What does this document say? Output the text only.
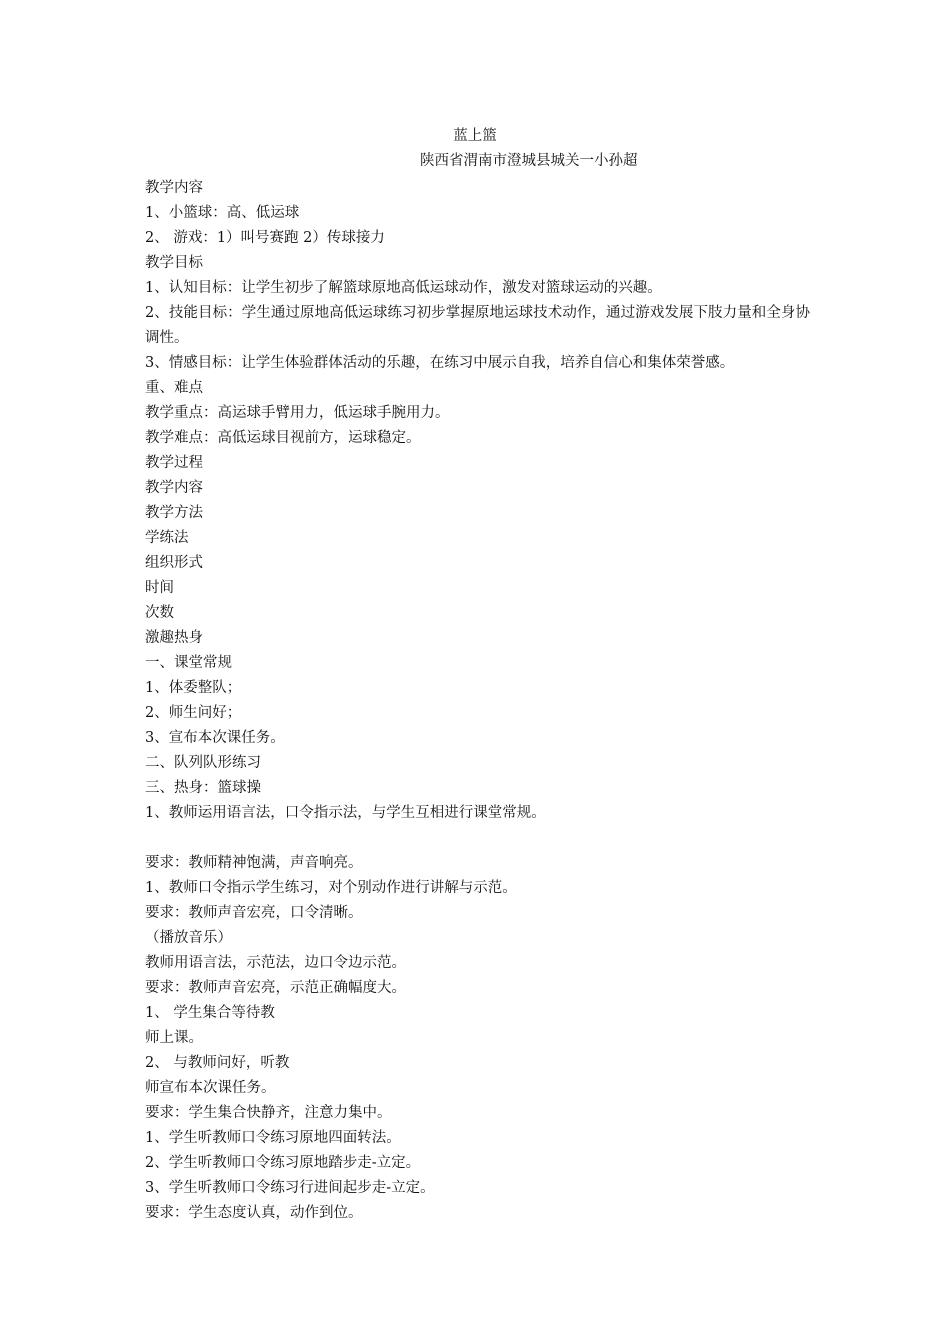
蓝上篮
陕西省渭南市澄城县城关一小孙超
教学内容
1、小篮球：高、低运球
2、 游戏：1）叫号赛跑 2）传球接力
教学目标
1、认知目标：让学生初步了解篮球原地高低运球动作，激发对篮球运动的兴趣。
2、技能目标：学生通过原地高低运球练习初步掌握原地运球技术动作，通过游戏发展下肢力量和全身协调性。
3、情感目标：让学生体验群体活动的乐趣，在练习中展示自我，培养自信心和集体荣誉感。
重、难点
教学重点：高运球手臂用力，低运球手腕用力。
教学难点：高低运球目视前方，运球稳定。
教学过程
教学内容
教学方法
学练法
组织形式
时间
次数
激趣热身
一、课堂常规
1、体委整队；
2、师生问好；
3、宣布本次课任务。
二、队列队形练习
三、热身：篮球操
1、教师运用语言法，口令指示法，与学生互相进行课堂常规。
要求：教师精神饱满，声音响亮。
1、教师口令指示学生练习，对个别动作进行讲解与示范。
要求：教师声音宏亮，口令清晰。
（播放音乐）
教师用语言法，示范法，边口令边示范。
要求：教师声音宏亮，示范正确幅度大。
1、 学生集合等待教
师上课。
2、 与教师问好，听教
师宣布本次课任务。
要求：学生集合快静齐，注意力集中。
1、学生听教师口令练习原地四面转法。
2、学生听教师口令练习原地踏步走-立定。
3、学生听教师口令练习行进间起步走-立定。
要求：学生态度认真，动作到位。
